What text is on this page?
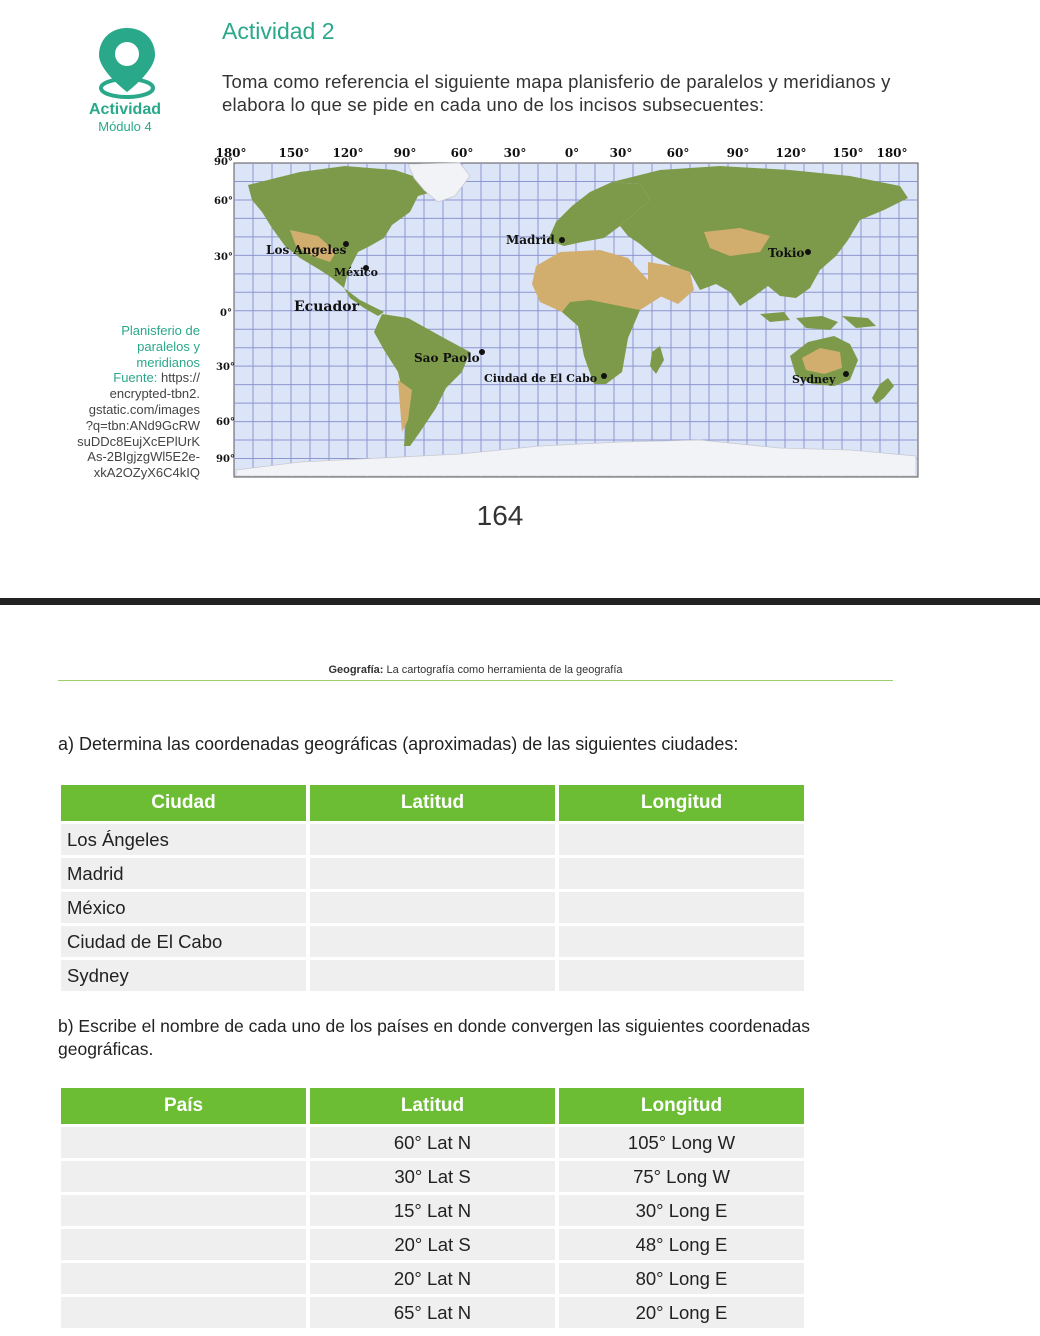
Actividad
Módulo 4
Actividad 2
Toma como referencia el siguiente mapa planisferio de paralelos y meridianos y elabora lo que se pide en cada uno de los incisos subsecuentes:
Planisferio de
paralelos y
meridianos
Fuente: https://
encrypted-tbn2.
gstatic.com/images
?q=tbn:ANd9GcRW
suDDc8EujXcEPlUrK
As-2BIgjzgWl5E2e-
xkA2OZyX6C4kIQ
Los Angeles
México
Ecuador
Madrid
Tokio
Sao Paolo
Ciudad de El Cabo	Sydney
180°	150° 120°	90°	60°	30°	0°	30°	60°	90° 120° 150° 180°
90°
60°
30°
0°
30°
60°
90°
164
Geografía: La cartografía como herramienta de la geografía
a) Determina las coordenadas geográficas (aproximadas) de las siguientes ciudades:
Ciudad	Latitud	Longitud
Los Ángeles		
Madrid		
México		
Ciudad de El Cabo		
Sydney		
b) Escribe el nombre de cada uno de los países en donde convergen las siguientes coordenadas geográficas.
País	Latitud	Longitud
	60° Lat N	105° Long W
	30° Lat S	75° Long W
	15° Lat N	30° Long E
	20° Lat S	48° Long E
	20° Lat N	80° Long E
	65° Lat N	20° Long E
